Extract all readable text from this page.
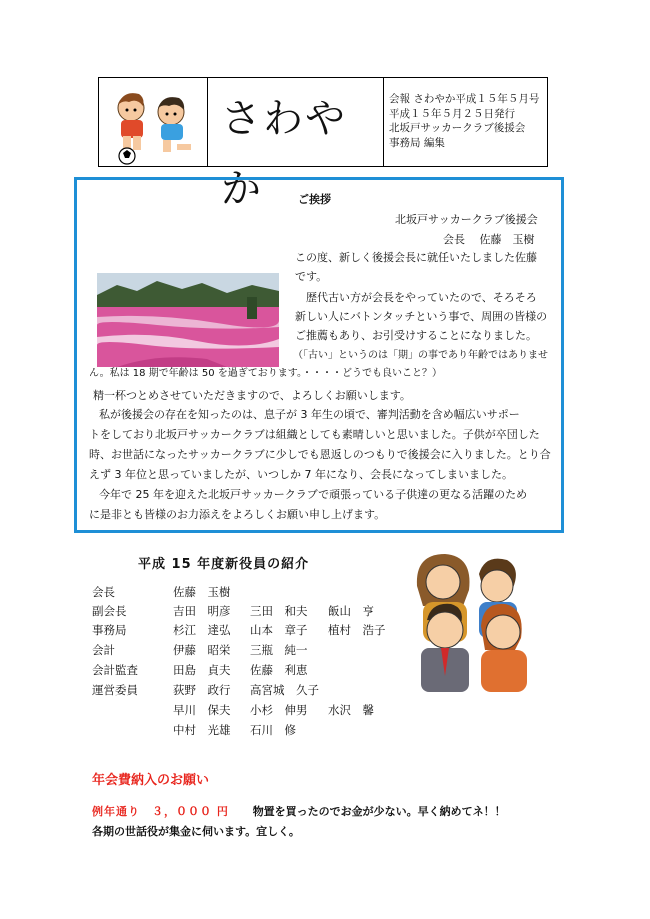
さわやか
会報 さわやか平成１５年５月号
平成１５年５月２５日発行
北坂戸サッカークラブ後援会
事務局 編集
ご挨拶
北坂戸サッカークラブ後援会
会長　 佐藤　玉樹
この度、新しく後援会長に就任いたしました佐藤
です。
歴代古い方が会長をやっていたので、そろそろ
新しい人にバトンタッチという事で、周囲の皆様の
ご推薦もあり、お引受けすることになりました。
（「古い」というのは「期」の事であり年齢ではありませ
ん。私は 18 期で年齢は 50 を過ぎております。・・・・どうでも良いこと？）
精一杯つとめさせていただきますので、よろしくお願いします。
私が後援会の存在を知ったのは、息子が 3 年生の頃で、審判活動を含め幅広いサポー
トをしており北坂戸サッカークラブは組織としても素晴しいと思いました。子供が卒団した
時、お世話になったサッカークラブに少しでも恩返しのつもりで後援会に入りました。とり合
えず 3 年位と思っていましたが、いつしか 7 年になり、会長になってしまいました。
今年で 25 年を迎えた北坂戸サッカークラブで頑張っている子供達の更なる活躍のため
に是非とも皆様のお力添えをよろしくお願い申し上げます。
平成 15 年度新役員の紹介
会長	佐藤　玉樹
副会長	吉田　明彦 三田　和夫 飯山　亨
事務局	杉江　達弘 山本　章子 植村　浩子
会計	伊藤　昭栄 三瓶　純一
会計監査	田島　貞夫 佐藤　利恵
運営委員	荻野　政行 高宮城　久子
早川　保夫 小杉　伸男 水沢　馨
中村　光雄 石川　修
年会費納入のお願い
例年通り　３，０００ 円 物置を買ったのでお金が少ない。早く納めてネ！！
各期の世話役が集金に伺います。宜しく。
